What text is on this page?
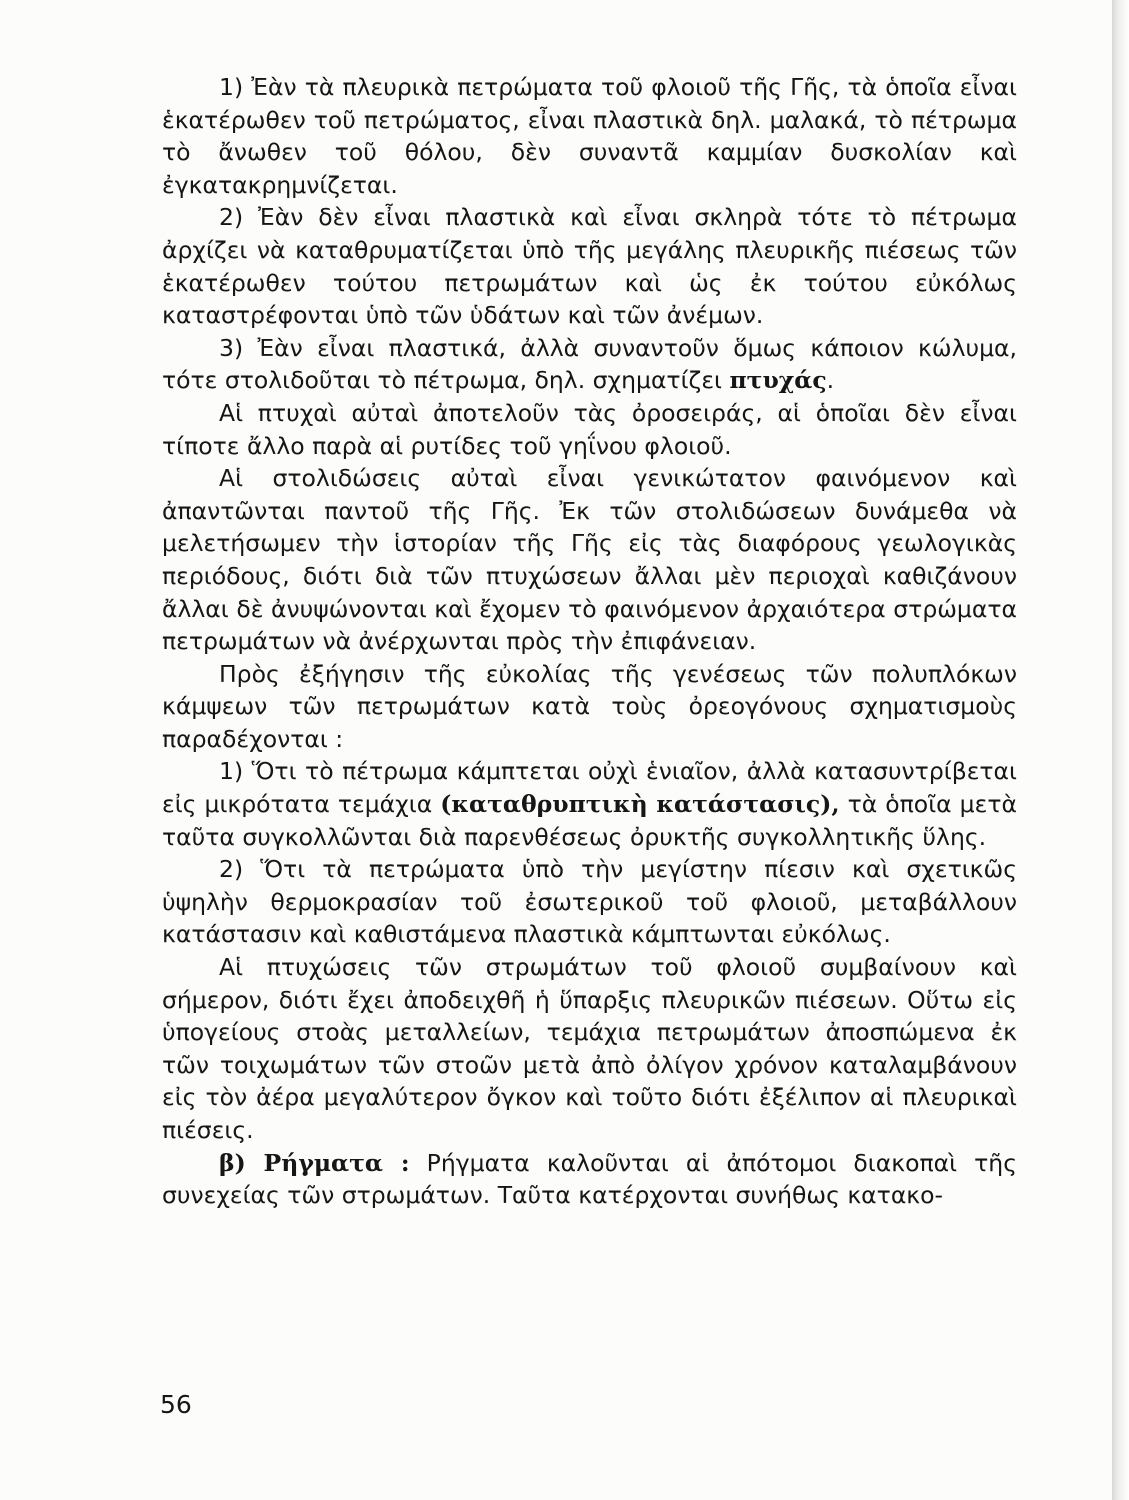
1) Ἐὰν τὰ πλευρικὰ πετρώματα τοῦ φλοιοῦ τῆς Γῆς, τὰ ὁποῖα εἶναι ἑκατέρωθεν τοῦ πετρώματος, εἶναι πλαστικὰ δηλ. μαλακά, τὸ πέτρωμα τὸ ἄνωθεν τοῦ θόλου, δὲν συναντᾶ καμμίαν δυσκολίαν καὶ ἐγκατακρημνίζεται.

2) Ἐὰν δὲν εἶναι πλαστικὰ καὶ εἶναι σκληρὰ τότε τὸ πέτρωμα ἀρχίζει νὰ καταθρυματίζεται ὑπὸ τῆς μεγάλης πλευρικῆς πιέσεως τῶν ἑκατέρωθεν τούτου πετρωμάτων καὶ ὡς ἐκ τούτου εὐκόλως καταστρέφονται ὑπὸ τῶν ὑδάτων καὶ τῶν ἀνέμων.

3) Ἐὰν εἶναι πλαστικά, ἀλλὰ συναντοῦν ὅμως κάποιον κώλυμα, τότε στολιδοῦται τὸ πέτρωμα, δηλ. σχηματίζει πτυχάς.

Αἱ πτυχαὶ αὐταὶ ἀποτελοῦν τὰς ὀροσειράς, αἱ ὁποῖαι δὲν εἶναι τίποτε ἄλλο παρὰ αἱ ρυτίδες τοῦ γηΐνου φλοιοῦ.

Αἱ στολιδώσεις αὐταὶ εἶναι γενικώτατον φαινόμενον καὶ ἀπαντῶνται παντοῦ τῆς Γῆς. Ἐκ τῶν στολιδώσεων δυνάμεθα νὰ μελετήσωμεν τὴν ἱστορίαν τῆς Γῆς εἰς τὰς διαφόρους γεωλογικὰς περιόδους, διότι διὰ τῶν πτυχώσεων ἄλλαι μὲν περιοχαὶ καθιζάνουν ἄλλαι δὲ ἀνυψώνονται καὶ ἔχομεν τὸ φαινόμενον ἀρχαιότερα στρώματα πετρωμάτων νὰ ἀνέρχωνται πρὸς τὴν ἐπιφάνειαν.

Πρὸς ἐξήγησιν τῆς εὐκολίας τῆς γενέσεως τῶν πολυπλόκων κάμψεων τῶν πετρωμάτων κατὰ τοὺς ὀρεογόνους σχηματισμοὺς παραδέχονται :

1) Ὅτι τὸ πέτρωμα κάμπτεται οὐχὶ ἑνιαῖον, ἀλλὰ κατασυντρίβεται εἰς μικρότατα τεμάχια (καταθρυπτικὴ κατάστασις), τὰ ὁποῖα μετὰ ταῦτα συγκολλῶνται διὰ παρενθέσεως ὀρυκτῆς συγκολλητικῆς ὕλης.

2) Ὅτι τὰ πετρώματα ὑπὸ τὴν μεγίστην πίεσιν καὶ σχετικῶς ὑψηλὴν θερμοκρασίαν τοῦ ἐσωτερικοῦ τοῦ φλοιοῦ, μεταβάλλουν κατάστασιν καὶ καθιστάμενα πλαστικὰ κάμπτωνται εὐκόλως.

Αἱ πτυχώσεις τῶν στρωμάτων τοῦ φλοιοῦ συμβαίνουν καὶ σήμερον, διότι ἔχει ἀποδειχθῆ ἡ ὕπαρξις πλευρικῶν πιέσεων. Οὕτω εἰς ὑπογείους στοὰς μεταλλείων, τεμάχια πετρωμάτων ἀποσπώμενα ἐκ τῶν τοιχωμάτων τῶν στοῶν μετὰ ἀπὸ ὀλίγον χρόνον καταλαμβάνουν εἰς τὸν ἀέρα μεγαλύτερον ὄγκον καὶ τοῦτο διότι ἐξέλιπον αἱ πλευρικαὶ πιέσεις.

β) Ρήγματα : Ρήγματα καλοῦνται αἱ ἀπότομοι διακοπαὶ τῆς συνεχείας τῶν στρωμάτων. Ταῦτα κατέρχονται συνήθως κατακο-

56
